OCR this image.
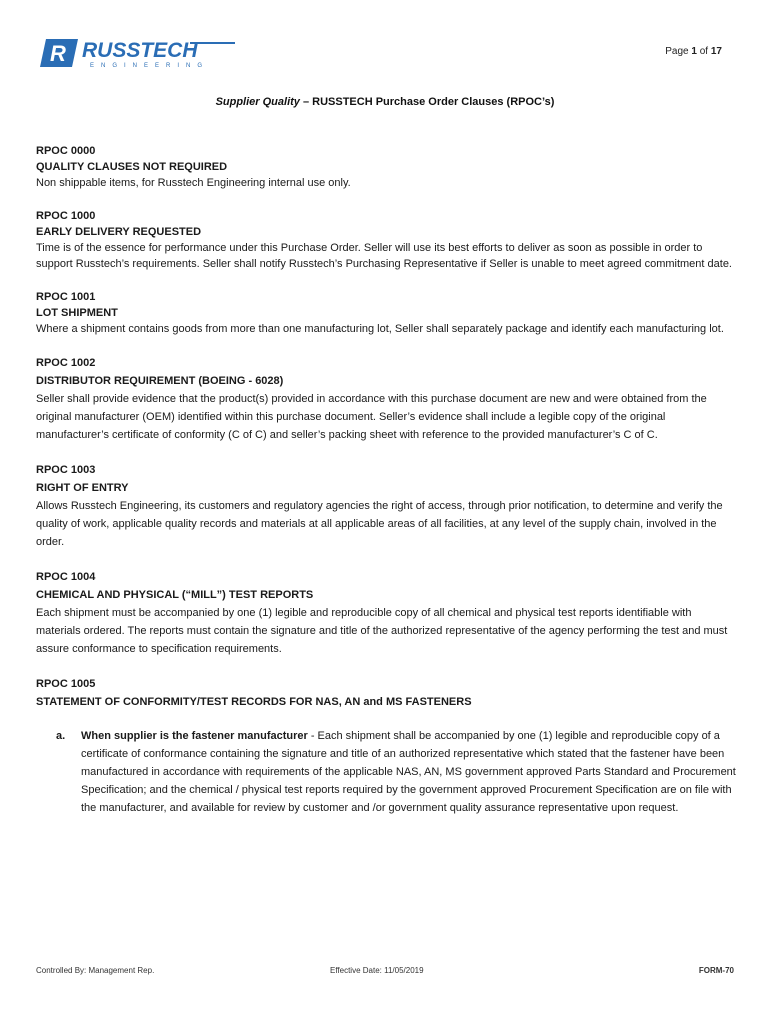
R RUSSTECH
ENGINEERING
Page 1 of 17
Supplier Quality – RUSSTECH Purchase Order Clauses (RPOC’s)
RPOC 0000
QUALITY CLAUSES NOT REQUIRED
Non shippable items, for Russtech Engineering internal use only.
RPOC 1000
EARLY DELIVERY REQUESTED
Time is of the essence for performance under this Purchase Order. Seller will use its best efforts to deliver as soon as possible in order to support Russtech’s requirements. Seller shall notify Russtech’s Purchasing Representative if Seller is unable to meet agreed commitment date.
RPOC 1001
LOT SHIPMENT
Where a shipment contains goods from more than one manufacturing lot, Seller shall separately package and identify each manufacturing lot.
RPOC 1002
DISTRIBUTOR REQUIREMENT (BOEING - 6028)
Seller shall provide evidence that the product(s) provided in accordance with this purchase document are new and were obtained from the original manufacturer (OEM) identified within this purchase document. Seller’s evidence shall include a legible copy of the original manufacturer’s certificate of conformity (C of C) and seller’s packing sheet with reference to the provided manufacturer’s C of C.
RPOC 1003
RIGHT OF ENTRY
Allows Russtech Engineering, its customers and regulatory agencies the right of access, through prior notification, to determine and verify the quality of work, applicable quality records and materials at all applicable areas of all facilities, at any level of the supply chain, involved in the order.
RPOC 1004
CHEMICAL AND PHYSICAL (“MILL”) TEST REPORTS
Each shipment must be accompanied by one (1) legible and reproducible copy of all chemical and physical test reports identifiable with materials ordered. The reports must contain the signature and title of the authorized representative of the agency performing the test and must assure conformance to specification requirements.
RPOC 1005
STATEMENT OF CONFORMITY/TEST RECORDS FOR NAS, AN and MS FASTENERS
a. When supplier is the fastener manufacturer - Each shipment shall be accompanied by one (1) legible and reproducible copy of a certificate of conformance containing the signature and title of an authorized representative which stated that the fastener have been manufactured in accordance with requirements of the applicable NAS, AN, MS government approved Parts Standard and Procurement Specification; and the chemical / physical test reports required by the government approved Procurement Specification are on file with the manufacturer, and available for review by customer and /or government quality assurance representative upon request.
Controlled By: Management Rep.	Effective Date: 11/05/2019	FORM-70
